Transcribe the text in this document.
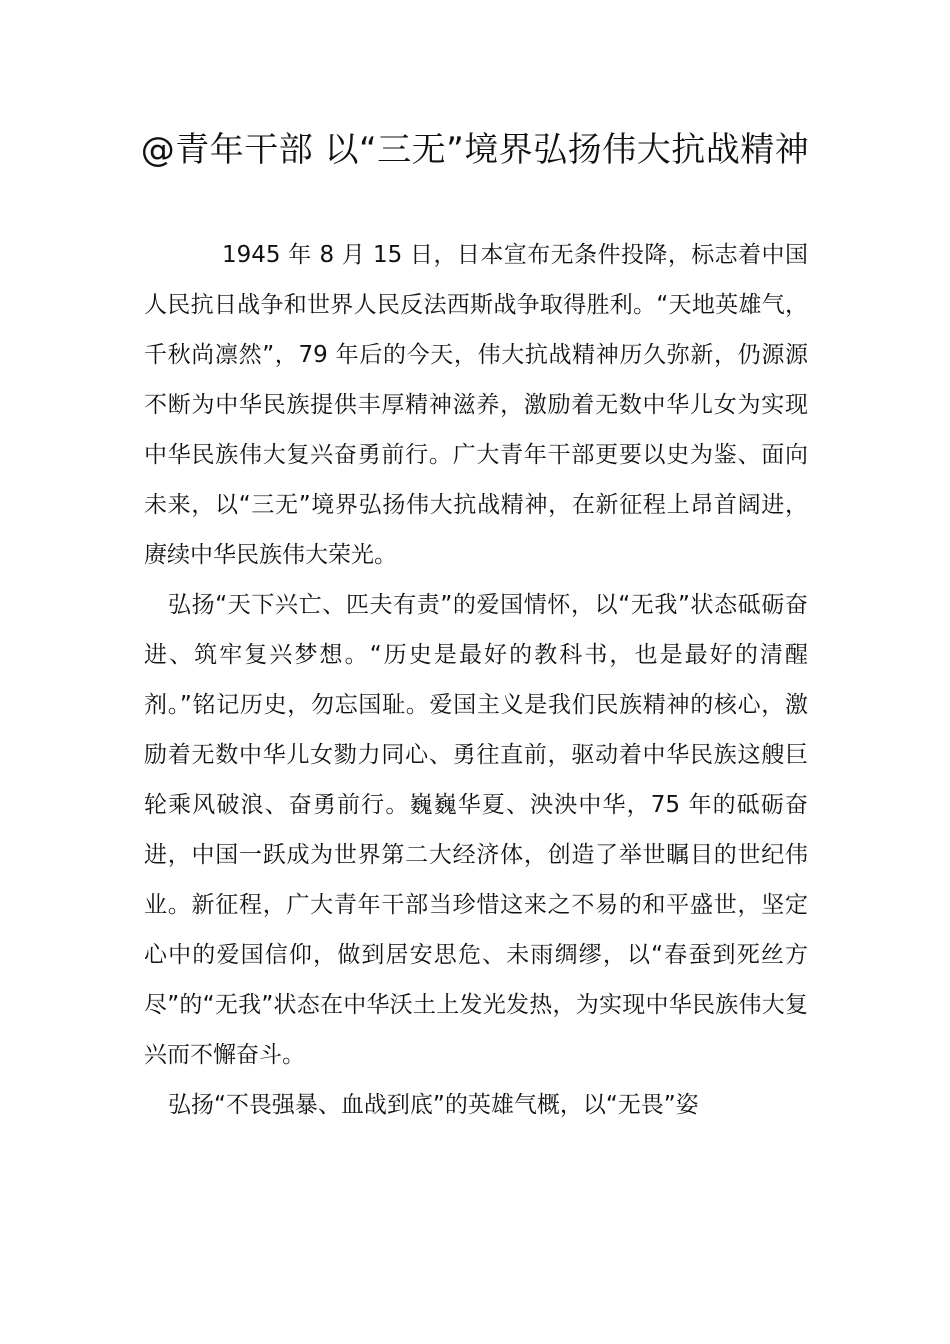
@青年干部 以“三无”境界弘扬伟大抗战精神

1945 年 8 月 15 日，日本宣布无条件投降，标志着中国人民抗日战争和世界人民反法西斯战争取得胜利。“天地英雄气，千秋尚凛然”，79 年后的今天，伟大抗战精神历久弥新，仍源源不断为中华民族提供丰厚精神滋养，激励着无数中华儿女为实现中华民族伟大复兴奋勇前行。广大青年干部更要以史为鉴、面向未来，以“三无”境界弘扬伟大抗战精神，在新征程上昂首阔进，赓续中华民族伟大荣光。

弘扬“天下兴亡、匹夫有责”的爱国情怀，以“无我”状态砥砺奋进、筑牢复兴梦想。“历史是最好的教科书，也是最好的清醒剂。”铭记历史，勿忘国耻。爱国主义是我们民族精神的核心，激励着无数中华儿女勠力同心、勇往直前，驱动着中华民族这艘巨轮乘风破浪、奋勇前行。巍巍华夏、泱泱中华，75 年的砥砺奋进，中国一跃成为世界第二大经济体，创造了举世瞩目的世纪伟业。新征程，广大青年干部当珍惜这来之不易的和平盛世，坚定心中的爱国信仰，做到居安思危、未雨绸缪，以“春蚕到死丝方尽”的“无我”状态在中华沃土上发光发热，为实现中华民族伟大复兴而不懈奋斗。

弘扬“不畏强暴、血战到底”的英雄气概，以“无畏”姿
